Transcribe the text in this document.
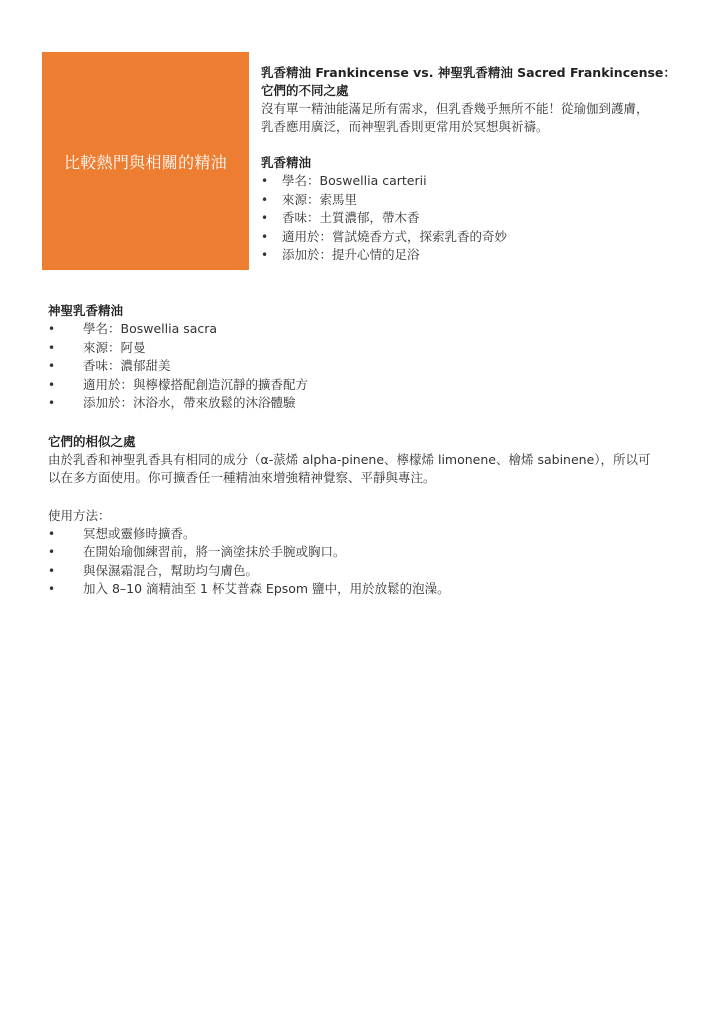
比較熱門與相關的精油

乳香精油 Frankincense vs. 神聖乳香精油 Sacred Frankincense：

它們的不同之處

沒有單一精油能滿足所有需求，但乳香幾乎無所不能！從瑜伽到護膚，

乳香應用廣泛，而神聖乳香則更常用於冥想與祈禱。

乳香精油

• 學名：Boswellia carterii
• 來源：索馬里
• 香味：土質濃郁，帶木香
• 適用於：嘗試燒香方式，探索乳香的奇妙
• 添加於：提升心情的足浴

神聖乳香精油

• 學名：Boswellia sacra
• 來源：阿曼
• 香味：濃郁甜美
• 適用於：與檸檬搭配創造沉靜的擴香配方
• 添加於：沐浴水，帶來放鬆的沐浴體驗

它們的相似之處

由於乳香和神聖乳香具有相同的成分（α-蒎烯 alpha-pinene、檸檬烯 limonene、檜烯 sabinene），所以可

以在多方面使用。你可擴香任一種精油來增強精神覺察、平靜與專注。

使用方法：

• 冥想或靈修時擴香。
• 在開始瑜伽練習前，將一滴塗抹於手腕或胸口。
• 與保濕霜混合，幫助均勻膚色。
• 加入 8–10 滴精油至 1 杯艾普森 Epsom 鹽中，用於放鬆的泡澡。
